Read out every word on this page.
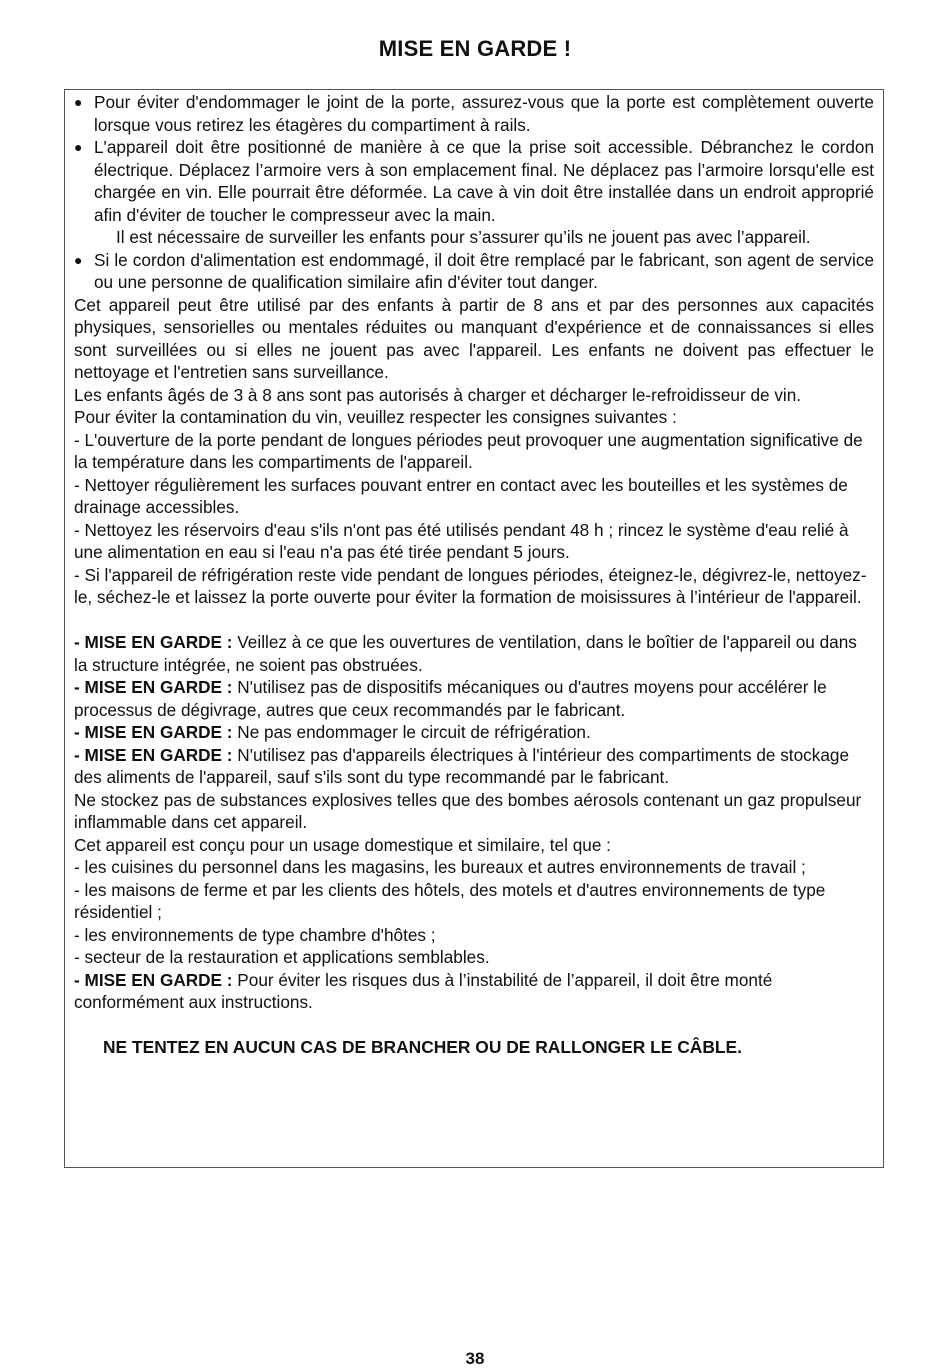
MISE EN GARDE !
● Pour éviter d'endommager le joint de la porte, assurez-vous que la porte est complètement ouverte lorsque vous retirez les étagères du compartiment à rails.
● L'appareil doit être positionné de manière à ce que la prise soit accessible. Débranchez le cordon électrique. Déplacez l’armoire vers à son emplacement final. Ne déplacez pas l’armoire lorsqu'elle est chargée en vin. Elle pourrait être déformée. La cave à vin doit être installée dans un endroit approprié afin d'éviter de toucher le compresseur avec la main.
Il est nécessaire de surveiller les enfants pour s’assurer qu’ils ne jouent pas avec l’appareil.
● Si le cordon d'alimentation est endommagé, il doit être remplacé par le fabricant, son agent de service ou une personne de qualification similaire afin d'éviter tout danger.
Cet appareil peut être utilisé par des enfants à partir de 8 ans et par des personnes aux capacités physiques, sensorielles ou mentales réduites ou manquant d'expérience et de connaissances si elles sont surveillées ou si elles ne jouent pas avec l'appareil. Les enfants ne doivent pas effectuer le nettoyage et l'entretien sans surveillance.
Les enfants âgés de 3 à 8 ans sont pas autorisés à charger et décharger le-refroidisseur de vin.
Pour éviter la contamination du vin, veuillez respecter les consignes suivantes :
- L'ouverture de la porte pendant de longues périodes peut provoquer une augmentation significative de la température dans les compartiments de l'appareil.
- Nettoyer régulièrement les surfaces pouvant entrer en contact avec les bouteilles et les systèmes de drainage accessibles.
- Nettoyez les réservoirs d'eau s'ils n'ont pas été utilisés pendant 48 h ; rincez le système d'eau relié à une alimentation en eau si l'eau n'a pas été tirée pendant 5 jours.
- Si l'appareil de réfrigération reste vide pendant de longues périodes, éteignez-le, dégivrez-le, nettoyez-le, séchez-le et laissez la porte ouverte pour éviter la formation de moisissures à l’intérieur de l'appareil.
- MISE EN GARDE : Veillez à ce que les ouvertures de ventilation, dans le boîtier de l'appareil ou dans la structure intégrée, ne soient pas obstruées.
- MISE EN GARDE : N'utilisez pas de dispositifs mécaniques ou d'autres moyens pour accélérer le processus de dégivrage, autres que ceux recommandés par le fabricant.
- MISE EN GARDE : Ne pas endommager le circuit de réfrigération.
- MISE EN GARDE : N'utilisez pas d'appareils électriques à l'intérieur des compartiments de stockage des aliments de l'appareil, sauf s'ils sont du type recommandé par le fabricant.
Ne stockez pas de substances explosives telles que des bombes aérosols contenant un gaz propulseur inflammable dans cet appareil.
Cet appareil est conçu pour un usage domestique et similaire, tel que :
- les cuisines du personnel dans les magasins, les bureaux et autres environnements de travail ;
- les maisons de ferme et par les clients des hôtels, des motels et d'autres environnements de type résidentiel ;
- les environnements de type chambre d'hôtes ;
- secteur de la restauration et applications semblables.
- MISE EN GARDE : Pour éviter les risques dus à l’instabilité de l’appareil, il doit être monté conformément aux instructions.
NE TENTEZ EN AUCUN CAS DE BRANCHER OU DE RALLONGER LE CÂBLE.
38
